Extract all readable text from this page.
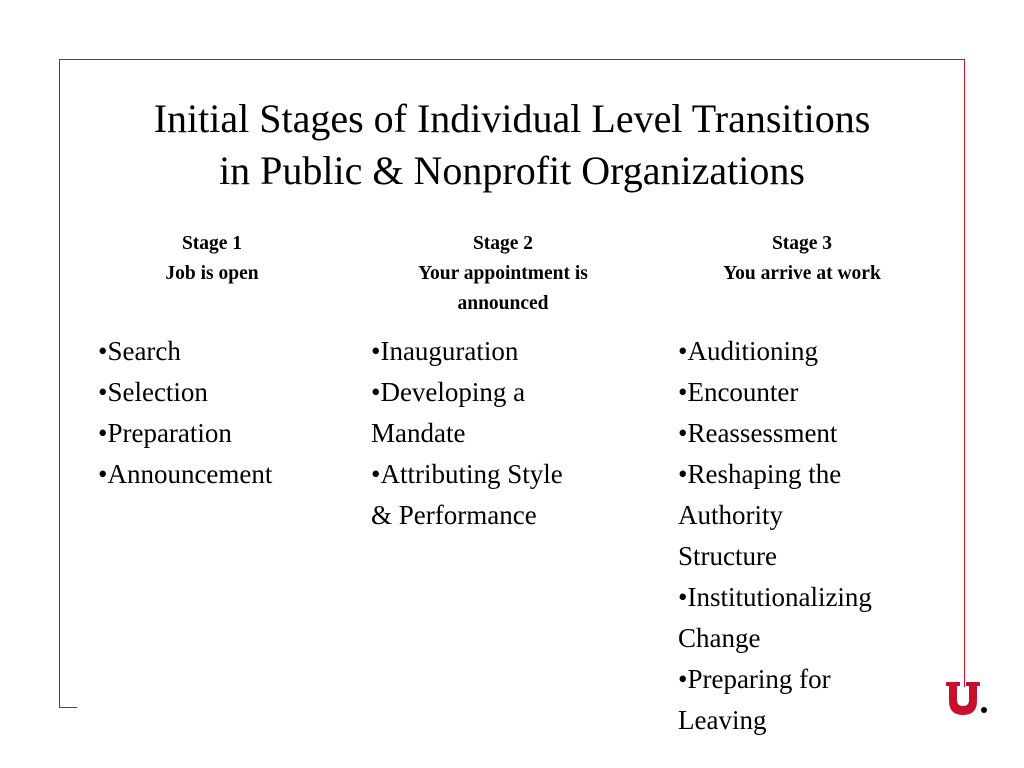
Initial Stages of Individual Level Transitions
in Public & Nonprofit Organizations
Stage 1
Job is open
• Search
• Selection
• Preparation
• Announcement
Stage 2
Your appointment is
announced
• Inauguration
• Developing a
Mandate
• Attributing Style
& Performance
Stage 3
You arrive at work
• Auditioning
• Encounter
• Reassessment
• Reshaping the
Authority
Structure
• Institutionalizing
Change
• Preparing for
Leaving
